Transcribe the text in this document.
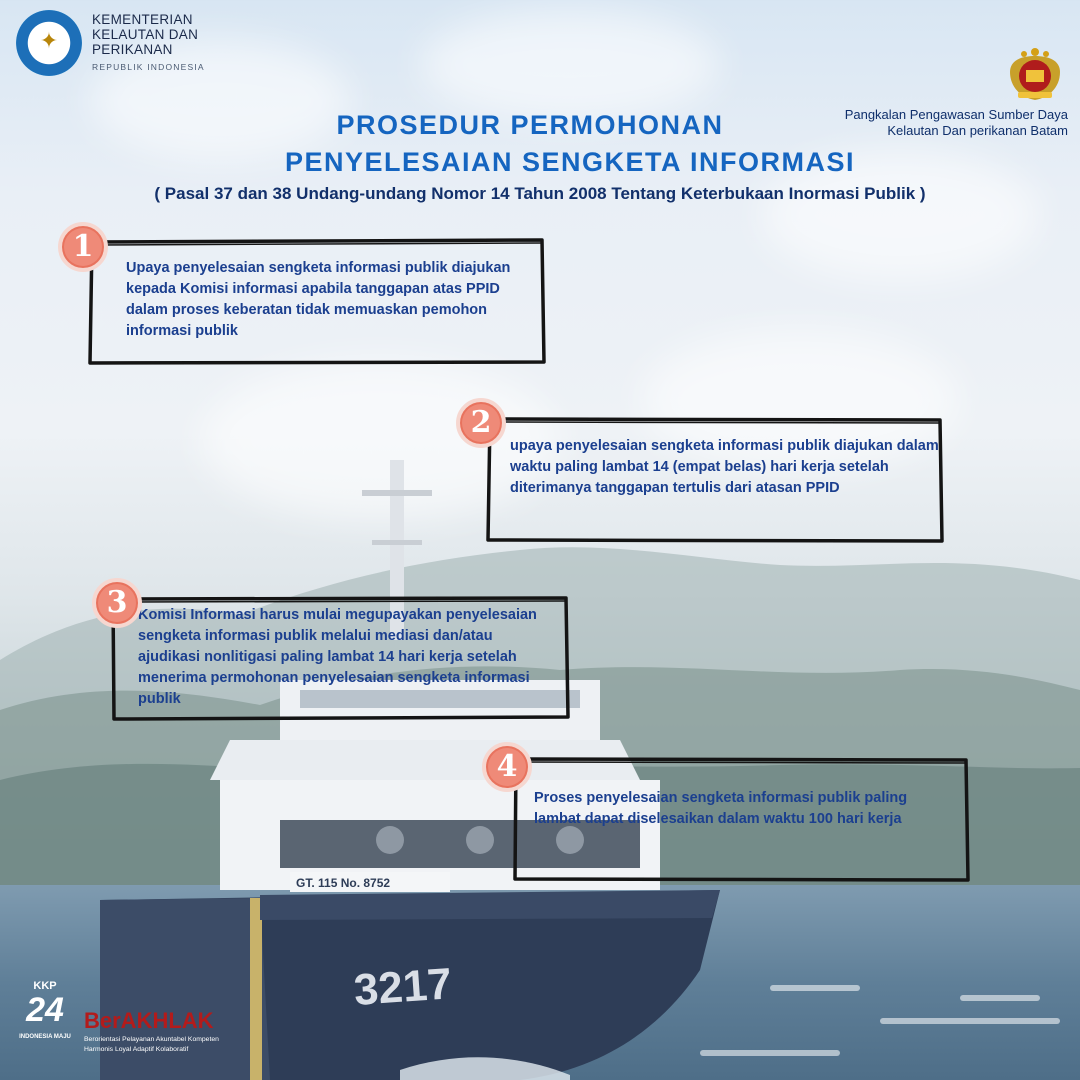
3217
GT. 115 No. 8752
✦
KEMENTERIAN
KELAUTAN DAN
PERIKANAN
REPUBLIK INDONESIA
Pangkalan Pengawasan Sumber Daya
Kelautan Dan perikanan Batam
PROSEDUR PERMOHONAN
PENYELESAIAN SENGKETA INFORMASI
( Pasal 37 dan 38 Undang-undang Nomor 14 Tahun 2008 Tentang Keterbukaan Inormasi Publik )
Upaya penyelesaian sengketa informasi publik diajukan kepada Komisi informasi apabila tanggapan atas PPID dalam proses keberatan tidak memuaskan pemohon informasi publik
1
upaya penyelesaian sengketa informasi publik diajukan dalam waktu paling lambat 14 (empat belas) hari kerja setelah diterimanya tanggapan tertulis dari atasan PPID
2
Komisi Informasi harus mulai megupayakan penyelesaian sengketa informasi publik melalui mediasi dan/atau ajudikasi nonlitigasi paling lambat 14 hari kerja setelah menerima permohonan penyelesaian sengketa informasi publik
3
Proses penyelesaian sengketa informasi publik paling lambat dapat diselesaikan dalam waktu 100 hari kerja
4
KKP
24
INDONESIA MAJU
BerAKHLAK
Berorientasi Pelayanan Akuntabel Kompeten
Harmonis Loyal Adaptif Kolaboratif
